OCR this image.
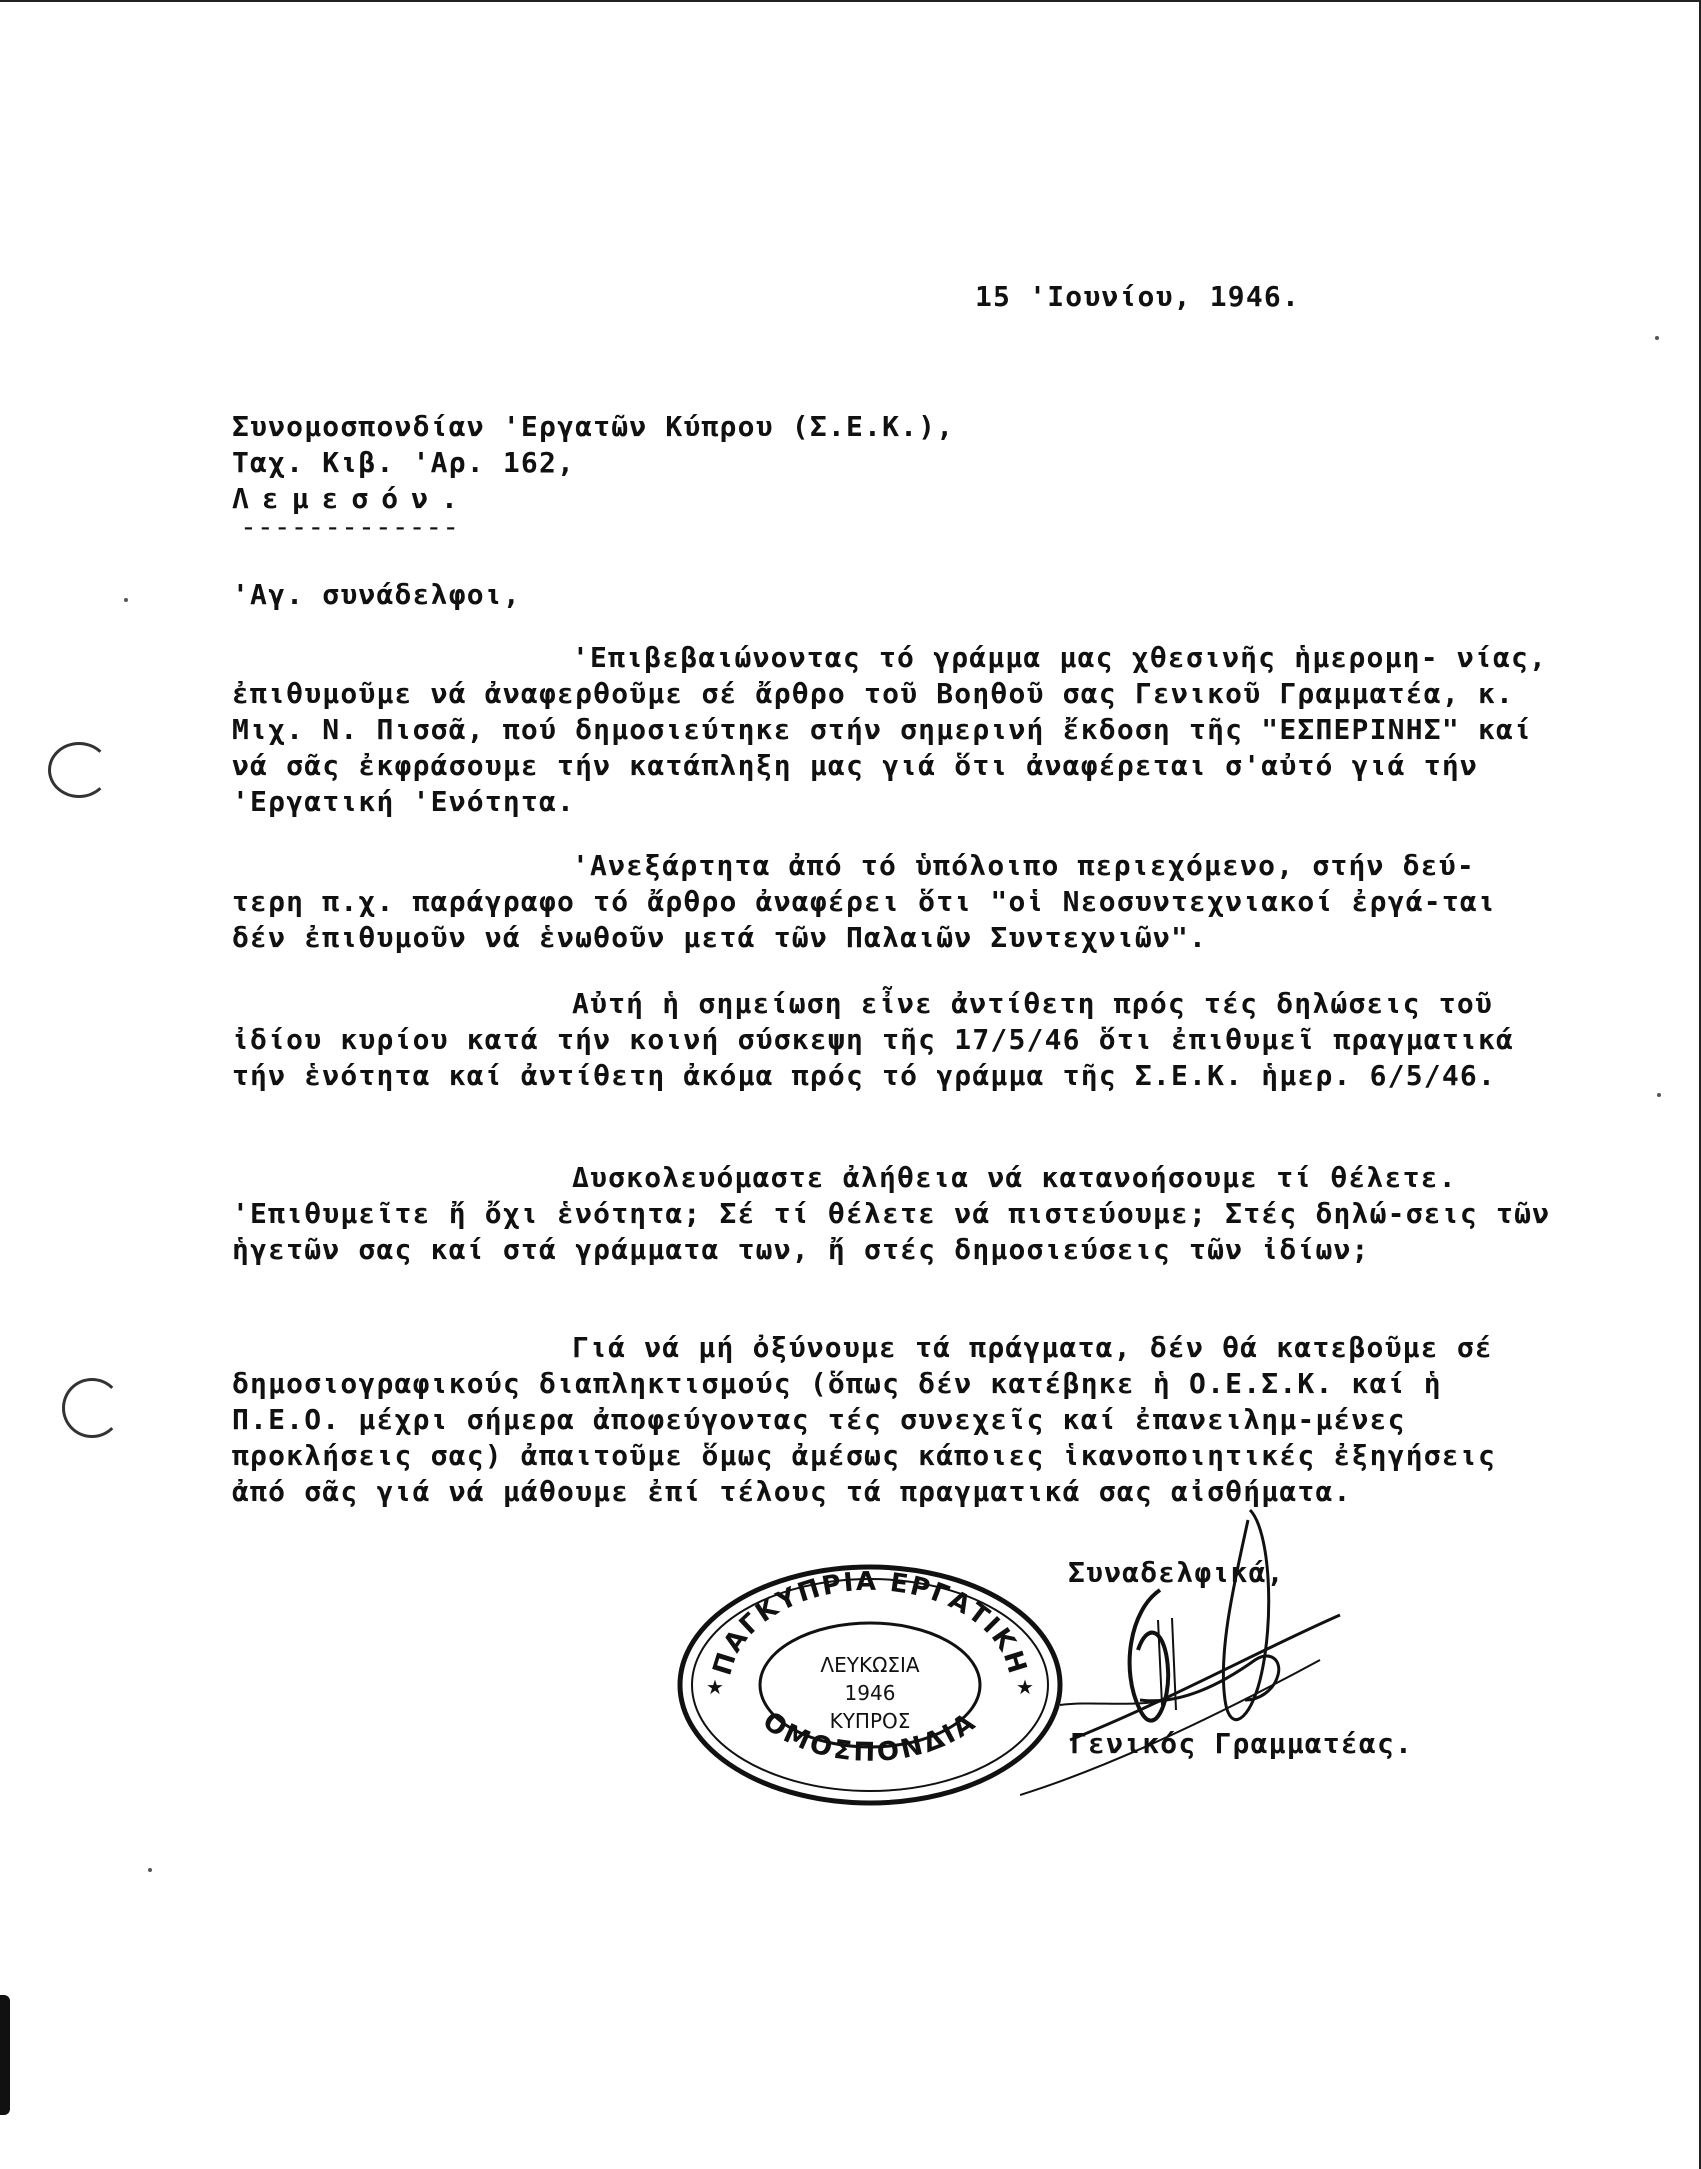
15 'Ιουνίου, 1946.
Συνομοσπονδίαν 'Εργατῶν Κύπρου (Σ.Ε.Κ.),
Ταχ. Κιβ. 'Αρ. 162,
Λεμεσόν.
-------------
'Αγ. συνάδελφοι,
'Επιβεβαιώνοντας τό γράμμα μας χθεσινῆς ἡμερομη- νίας, ἐπιθυμοῦμε νά ἀναφερθοῦμε σέ ἄρθρο τοῦ Βοηθοῦ σας Γενικοῦ Γραμματέα, κ. Μιχ. Ν. Πισσᾶ, πού δημοσιεύτηκε στήν σημερινή ἔκδοση τῆς "ΕΣΠΕΡΙΝΗΣ" καί νά σᾶς ἐκφράσουμε τήν κατάπληξη μας γιά ὅτι ἀναφέρεται σ'αὐτό γιά τήν 'Εργατική 'Ενότητα.
'Ανεξάρτητα ἀπό τό ὑπόλοιπο περιεχόμενο, στήν δεύ- τερη π.χ. παράγραφο τό ἄρθρο ἀναφέρει ὅτι "οἱ Νεοσυντεχνιακοί ἐργά-ται δέν ἐπιθυμοῦν νά ἑνωθοῦν μετά τῶν Παλαιῶν Συντεχνιῶν".
Αὐτή ἡ σημείωση εἶνε ἀντίθετη πρός τές δηλώσεις τοῦ ἰδίου κυρίου κατά τήν κοινή σύσκεψη τῆς 17/5/46 ὅτι ἐπιθυμεῖ πραγματικά τήν ἑνότητα καί ἀντίθετη ἀκόμα πρός τό γράμμα τῆς Σ.Ε.Κ. ἡμερ. 6/5/46.
Δυσκολευόμαστε ἀλήθεια νά κατανοήσουμε τί θέλετε. 'Επιθυμεῖτε ἤ ὄχι ἑνότητα; Σέ τί θέλετε νά πιστεύουμε; Στές δηλώ-σεις τῶν ἡγετῶν σας καί στά γράμματα των, ἤ στές δημοσιεύσεις τῶν ἰδίων;
Γιά νά μή ὀξύνουμε τά πράγματα, δέν θά κατεβοῦμε σέ δημοσιογραφικούς διαπληκτισμούς (ὅπως δέν κατέβηκε ἡ Ο.Ε.Σ.Κ. καί ἡ Π.Ε.Ο. μέχρι σήμερα ἀποφεύγοντας τές συνεχεῖς καί ἐπανειλημ-μένες προκλήσεις σας) ἀπαιτοῦμε ὅμως ἀμέσως κάποιες ἱκανοποιητικές ἐξηγήσεις ἀπό σᾶς γιά νά μάθουμε ἐπί τέλους τά πραγματικά σας αἰσθήματα.
Συναδελφικά,
ΠΑΓΚΥΠΡΙΑ ΕΡΓΑΤΙΚΗ
ΟΜΟΣΠΟΝΔΙΑ
ΛΕΥΚΩΣΙΑ
1946
ΚΥΠΡΟΣ
★	★
Γενικός Γραμματέας.
